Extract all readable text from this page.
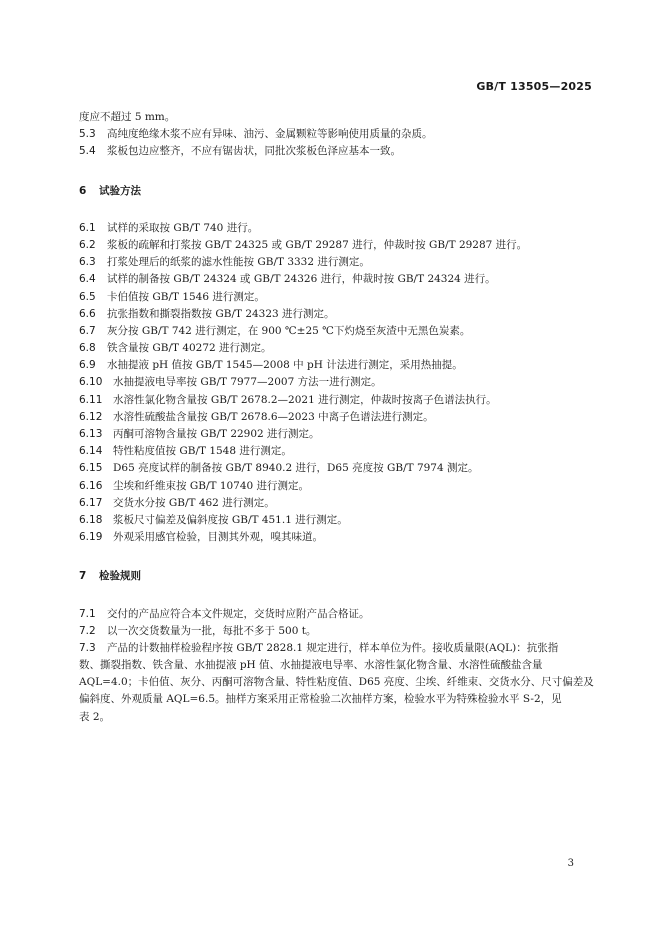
GB/T 13505—2025
度应不超过 5 mm。
5.3	高纯度绝缘木浆不应有异味、油污、金属颗粒等影响使用质量的杂质。
5.4	浆板包边应整齐，不应有锯齿状，同批次浆板色泽应基本一致。
6 试验方法
6.1	试样的采取按 GB/T 740 进行。
6.2	浆板的疏解和打浆按 GB/T 24325 或 GB/T 29287 进行，仲裁时按 GB/T 29287 进行。
6.3	打浆处理后的纸浆的滤水性能按 GB/T 3332 进行测定。
6.4	试样的制备按 GB/T 24324 或 GB/T 24326 进行，仲裁时按 GB/T 24324 进行。
6.5	卡伯值按 GB/T 1546 进行测定。
6.6	抗张指数和撕裂指数按 GB/T 24323 进行测定。
6.7	灰分按 GB/T 742 进行测定，在 900 ℃±25 ℃下灼烧至灰渣中无黑色炭素。
6.8	铁含量按 GB/T 40272 进行测定。
6.9	水抽提液 pH 值按 GB/T 1545—2008 中 pH 计法进行测定，采用热抽提。
6.10	水抽提液电导率按 GB/T 7977—2007 方法一进行测定。
6.11	水溶性氯化物含量按 GB/T 2678.2—2021 进行测定，仲裁时按离子色谱法执行。
6.12	水溶性硫酸盐含量按 GB/T 2678.6—2023 中离子色谱法进行测定。
6.13	丙酮可溶物含量按 GB/T 22902 进行测定。
6.14	特性粘度值按 GB/T 1548 进行测定。
6.15	D65 亮度试样的制备按 GB/T 8940.2 进行，D65 亮度按 GB/T 7974 测定。
6.16	尘埃和纤维束按 GB/T 10740 进行测定。
6.17	交货水分按 GB/T 462 进行测定。
6.18	浆板尺寸偏差及偏斜度按 GB/T 451.1 进行测定。
6.19	外观采用感官检验，目测其外观，嗅其味道。
7 检验规则
7.1	交付的产品应符合本文件规定，交货时应附产品合格证。
7.2	以一次交货数量为一批，每批不多于 500 t。
7.3	产品的计数抽样检验程序按 GB/T 2828.1 规定进行，样本单位为件。接收质量限(AQL)：抗张指
数、撕裂指数、铁含量、水抽提液 pH 值、水抽提液电导率、水溶性氯化物含量、水溶性硫酸盐含量
AQL=4.0；卡伯值、灰分、丙酮可溶物含量、特性粘度值、D65 亮度、尘埃、纤维束、交货水分、尺寸偏差及
偏斜度、外观质量 AQL=6.5。抽样方案采用正常检验二次抽样方案，检验水平为特殊检验水平 S-2，见
表 2。
3
